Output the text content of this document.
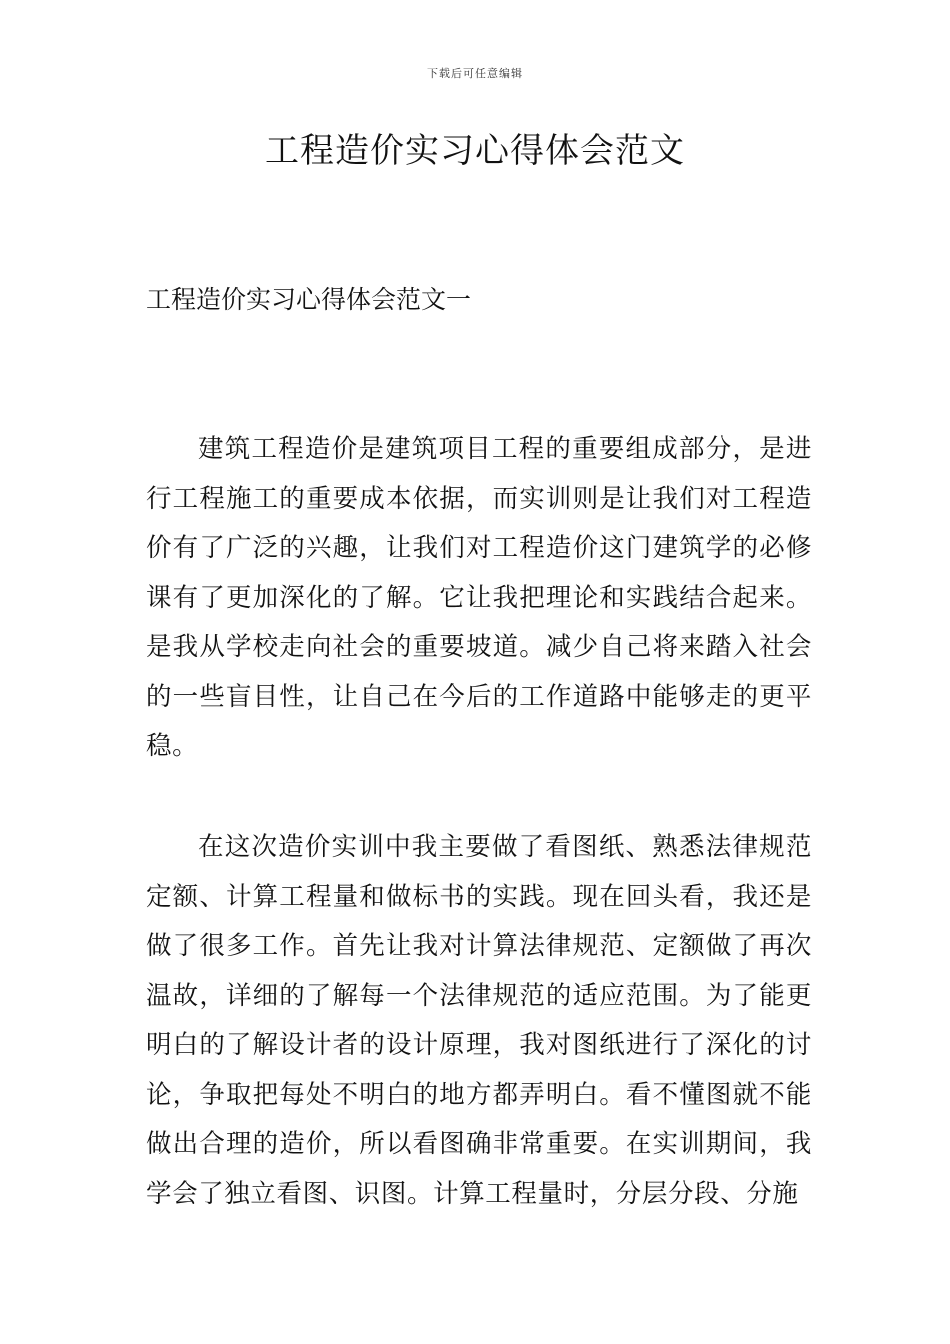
下载后可任意编辑
工程造价实习心得体会范文
工程造价实习心得体会范文一

建筑工程造价是建筑项目工程的重要组成部分，是进行工程施工的重要成本依据，而实训则是让我们对工程造价有了广泛的兴趣，让我们对工程造价这门建筑学的必修课有了更加深化的了解。它让我把理论和实践结合起来。是我从学校走向社会的重要坡道。减少自己将来踏入社会的一些盲目性，让自己在今后的工作道路中能够走的更平稳。

在这次造价实训中我主要做了看图纸、熟悉法律规范定额、计算工程量和做标书的实践。现在回头看，我还是做了很多工作。首先让我对计算法律规范、定额做了再次温故，详细的了解每一个法律规范的适应范围。为了能更明白的了解设计者的设计原理，我对图纸进行了深化的讨论，争取把每处不明白的地方都弄明白。看不懂图就不能做出合理的造价，所以看图确非常重要。在实训期间，我学会了独立看图、识图。计算工程量时，分层分段、分施
